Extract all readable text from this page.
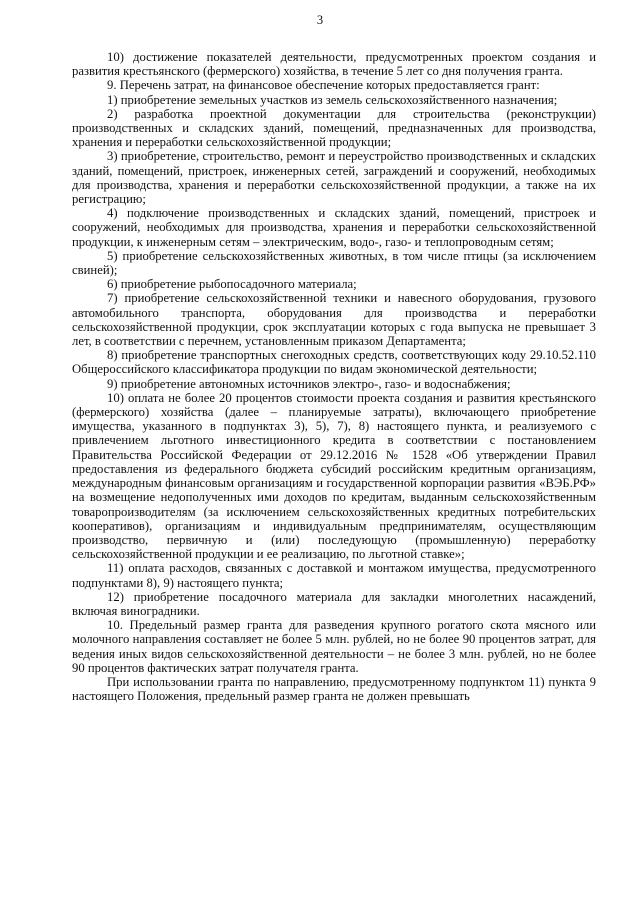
3

10) достижение показателей деятельности, предусмотренных проектом создания и развития крестьянского (фермерского) хозяйства, в течение 5 лет со дня получения гранта.

9. Перечень затрат, на финансовое обеспечение которых предоставляется грант:

1) приобретение земельных участков из земель сельскохозяйственного назначения;

2) разработка проектной документации для строительства (реконструкции) производственных и складских зданий, помещений, предназначенных для производства, хранения и переработки сельскохозяйственной продукции;

3) приобретение, строительство, ремонт и переустройство производственных и складских зданий, помещений, пристроек, инженерных сетей, заграждений и сооружений, необходимых для производства, хранения и переработки сельскохозяйственной продукции, а также на их регистрацию;

4) подключение производственных и складских зданий, помещений, пристроек и сооружений, необходимых для производства, хранения и переработки сельскохозяйственной продукции, к инженерным сетям – электрическим, водо-, газо- и теплопроводным сетям;

5) приобретение сельскохозяйственных животных, в том числе птицы (за исключением свиней);

6) приобретение рыбопосадочного материала;

7) приобретение сельскохозяйственной техники и навесного оборудования, грузового автомобильного транспорта, оборудования для производства и переработки сельскохозяйственной продукции, срок эксплуатации которых с года выпуска не превышает 3 лет, в соответствии с перечнем, установленным приказом Департамента;

8) приобретение транспортных снегоходных средств, соответствующих коду 29.10.52.110 Общероссийского классификатора продукции по видам экономической деятельности;

9) приобретение автономных источников электро-, газо- и водоснабжения;

10) оплата не более 20 процентов стоимости проекта создания и развития крестьянского (фермерского) хозяйства (далее – планируемые затраты), включающего приобретение имущества, указанного в подпунктах 3), 5), 7), 8) настоящего пункта, и реализуемого с привлечением льготного инвестиционного кредита в соответствии с постановлением Правительства Российской Федерации от 29.12.2016 № 1528 «Об утверждении Правил предоставления из федерального бюджета субсидий российским кредитным организациям, международным финансовым организациям и государственной корпорации развития «ВЭБ.РФ» на возмещение недополученных ими доходов по кредитам, выданным сельскохозяйственным товаропроизводителям (за исключением сельскохозяйственных кредитных потребительских кооперативов), организациям и индивидуальным предпринимателям, осуществляющим производство, первичную и (или) последующую (промышленную) переработку сельскохозяйственной продукции и ее реализацию, по льготной ставке»;

11) оплата расходов, связанных с доставкой и монтажом имущества, предусмотренного подпунктами 8), 9) настоящего пункта;

12) приобретение посадочного материала для закладки многолетних насаждений, включая виноградники.

10. Предельный размер гранта для разведения крупного рогатого скота мясного или молочного направления составляет не более 5 млн. рублей, но не более 90 процентов затрат, для ведения иных видов сельскохозяйственной деятельности – не более 3 млн. рублей, но не более 90 процентов фактических затрат получателя гранта.

При использовании гранта по направлению, предусмотренному подпунктом 11) пункта 9 настоящего Положения, предельный размер гранта не должен превышать
